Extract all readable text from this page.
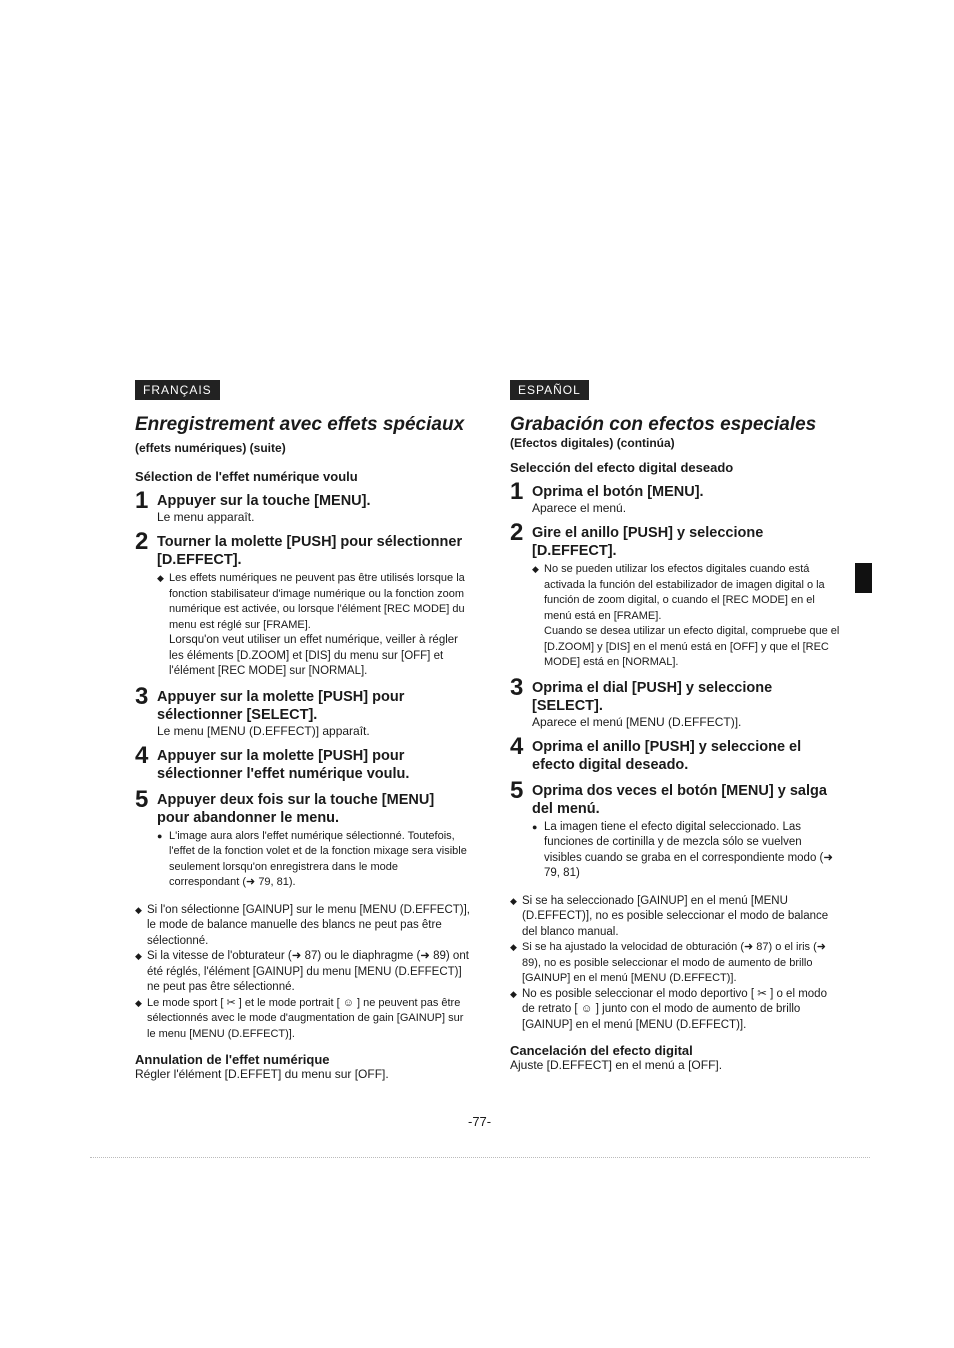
FRANÇAIS
Enregistrement avec effets spéciaux (effets numériques) (suite)
Sélection de l'effet numérique voulu
1 Appuyer sur la touche [MENU].
Le menu apparaît.
2 Tourner la molette [PUSH] pour sélectionner [D.EFFECT].
◆ Les effets numériques ne peuvent pas être utilisés lorsque la fonction stabilisateur d'image numérique ou la fonction zoom numérique est activée, ou lorsque l'élément [REC MODE] du menu est réglé sur [FRAME].
Lorsqu'on veut utiliser un effet numérique, veiller à régler les éléments [D.ZOOM] et [DIS] du menu sur [OFF] et l'élément [REC MODE] sur [NORMAL].
3 Appuyer sur la molette [PUSH] pour sélectionner [SELECT].
Le menu [MENU (D.EFFECT)] apparaît.
4 Appuyer sur la molette [PUSH] pour sélectionner l'effet numérique voulu.
5 Appuyer deux fois sur la touche [MENU] pour abandonner le menu.
● L'image aura alors l'effet numérique sélectionné. Toutefois, l'effet de la fonction volet et de la fonction mixage sera visible seulement lorsqu'on enregistrera dans le mode correspondant (➜ 79, 81).
◆ Si l'on sélectionne [GAINUP] sur le menu [MENU (D.EFFECT)], le mode de balance manuelle des blancs ne peut pas être sélectionné.
◆ Si la vitesse de l'obturateur (➜ 87) ou le diaphragme (➜ 89) ont été réglés, l'élément [GAINUP] du menu [MENU (D.EFFECT)] ne peut pas être sélectionné.
◆ Le mode sport [ ✂ ] et le mode portrait [ ☺ ] ne peuvent pas être sélectionnés avec le mode d'augmentation de gain [GAINUP] sur le menu [MENU (D.EFFECT)].
Annulation de l'effet numérique
Régler l'élément [D.EFFET] du menu sur [OFF].
ESPAÑOL
Grabación con efectos especiales
(Efectos digitales) (continúa)
Selección del efecto digital deseado
1 Oprima el botón [MENU].
Aparece el menú.
2 Gire el anillo [PUSH] y seleccione [D.EFFECT].
◆ No se pueden utilizar los efectos digitales cuando está activada la función del estabilizador de imagen digital o la función de zoom digital, o cuando el [REC MODE] en el menú está en [FRAME].
Cuando se desea utilizar un efecto digital, compruebe que el [D.ZOOM] y [DIS] en el menú está en [OFF] y que el [REC MODE] está en [NORMAL].
3 Oprima el dial [PUSH] y seleccione [SELECT].
Aparece el menú [MENU (D.EFFECT)].
4 Oprima el anillo [PUSH] y seleccione el efecto digital deseado.
5 Oprima dos veces el botón [MENU] y salga del menú.
● La imagen tiene el efecto digital seleccionado. Las funciones de cortinilla y de mezcla sólo se vuelven visibles cuando se graba en el correspondiente modo (➜ 79, 81)
◆ Si se ha seleccionado [GAINUP] en el menú [MENU (D.EFFECT)], no es posible seleccionar el modo de balance del blanco manual.
◆ Si se ha ajustado la velocidad de obturación (➜ 87) o el iris (➜ 89), no es posible seleccionar el modo de aumento de brillo [GAINUP] en el menú [MENU (D.EFFECT)].
◆ No es posible seleccionar el modo deportivo [ ✂ ] o el modo de retrato [ ☺ ] junto con el modo de aumento de brillo [GAINUP] en el menú [MENU (D.EFFECT)].
Cancelación del efecto digital
Ajuste [D.EFFECT] en el menú a [OFF].
-77-
